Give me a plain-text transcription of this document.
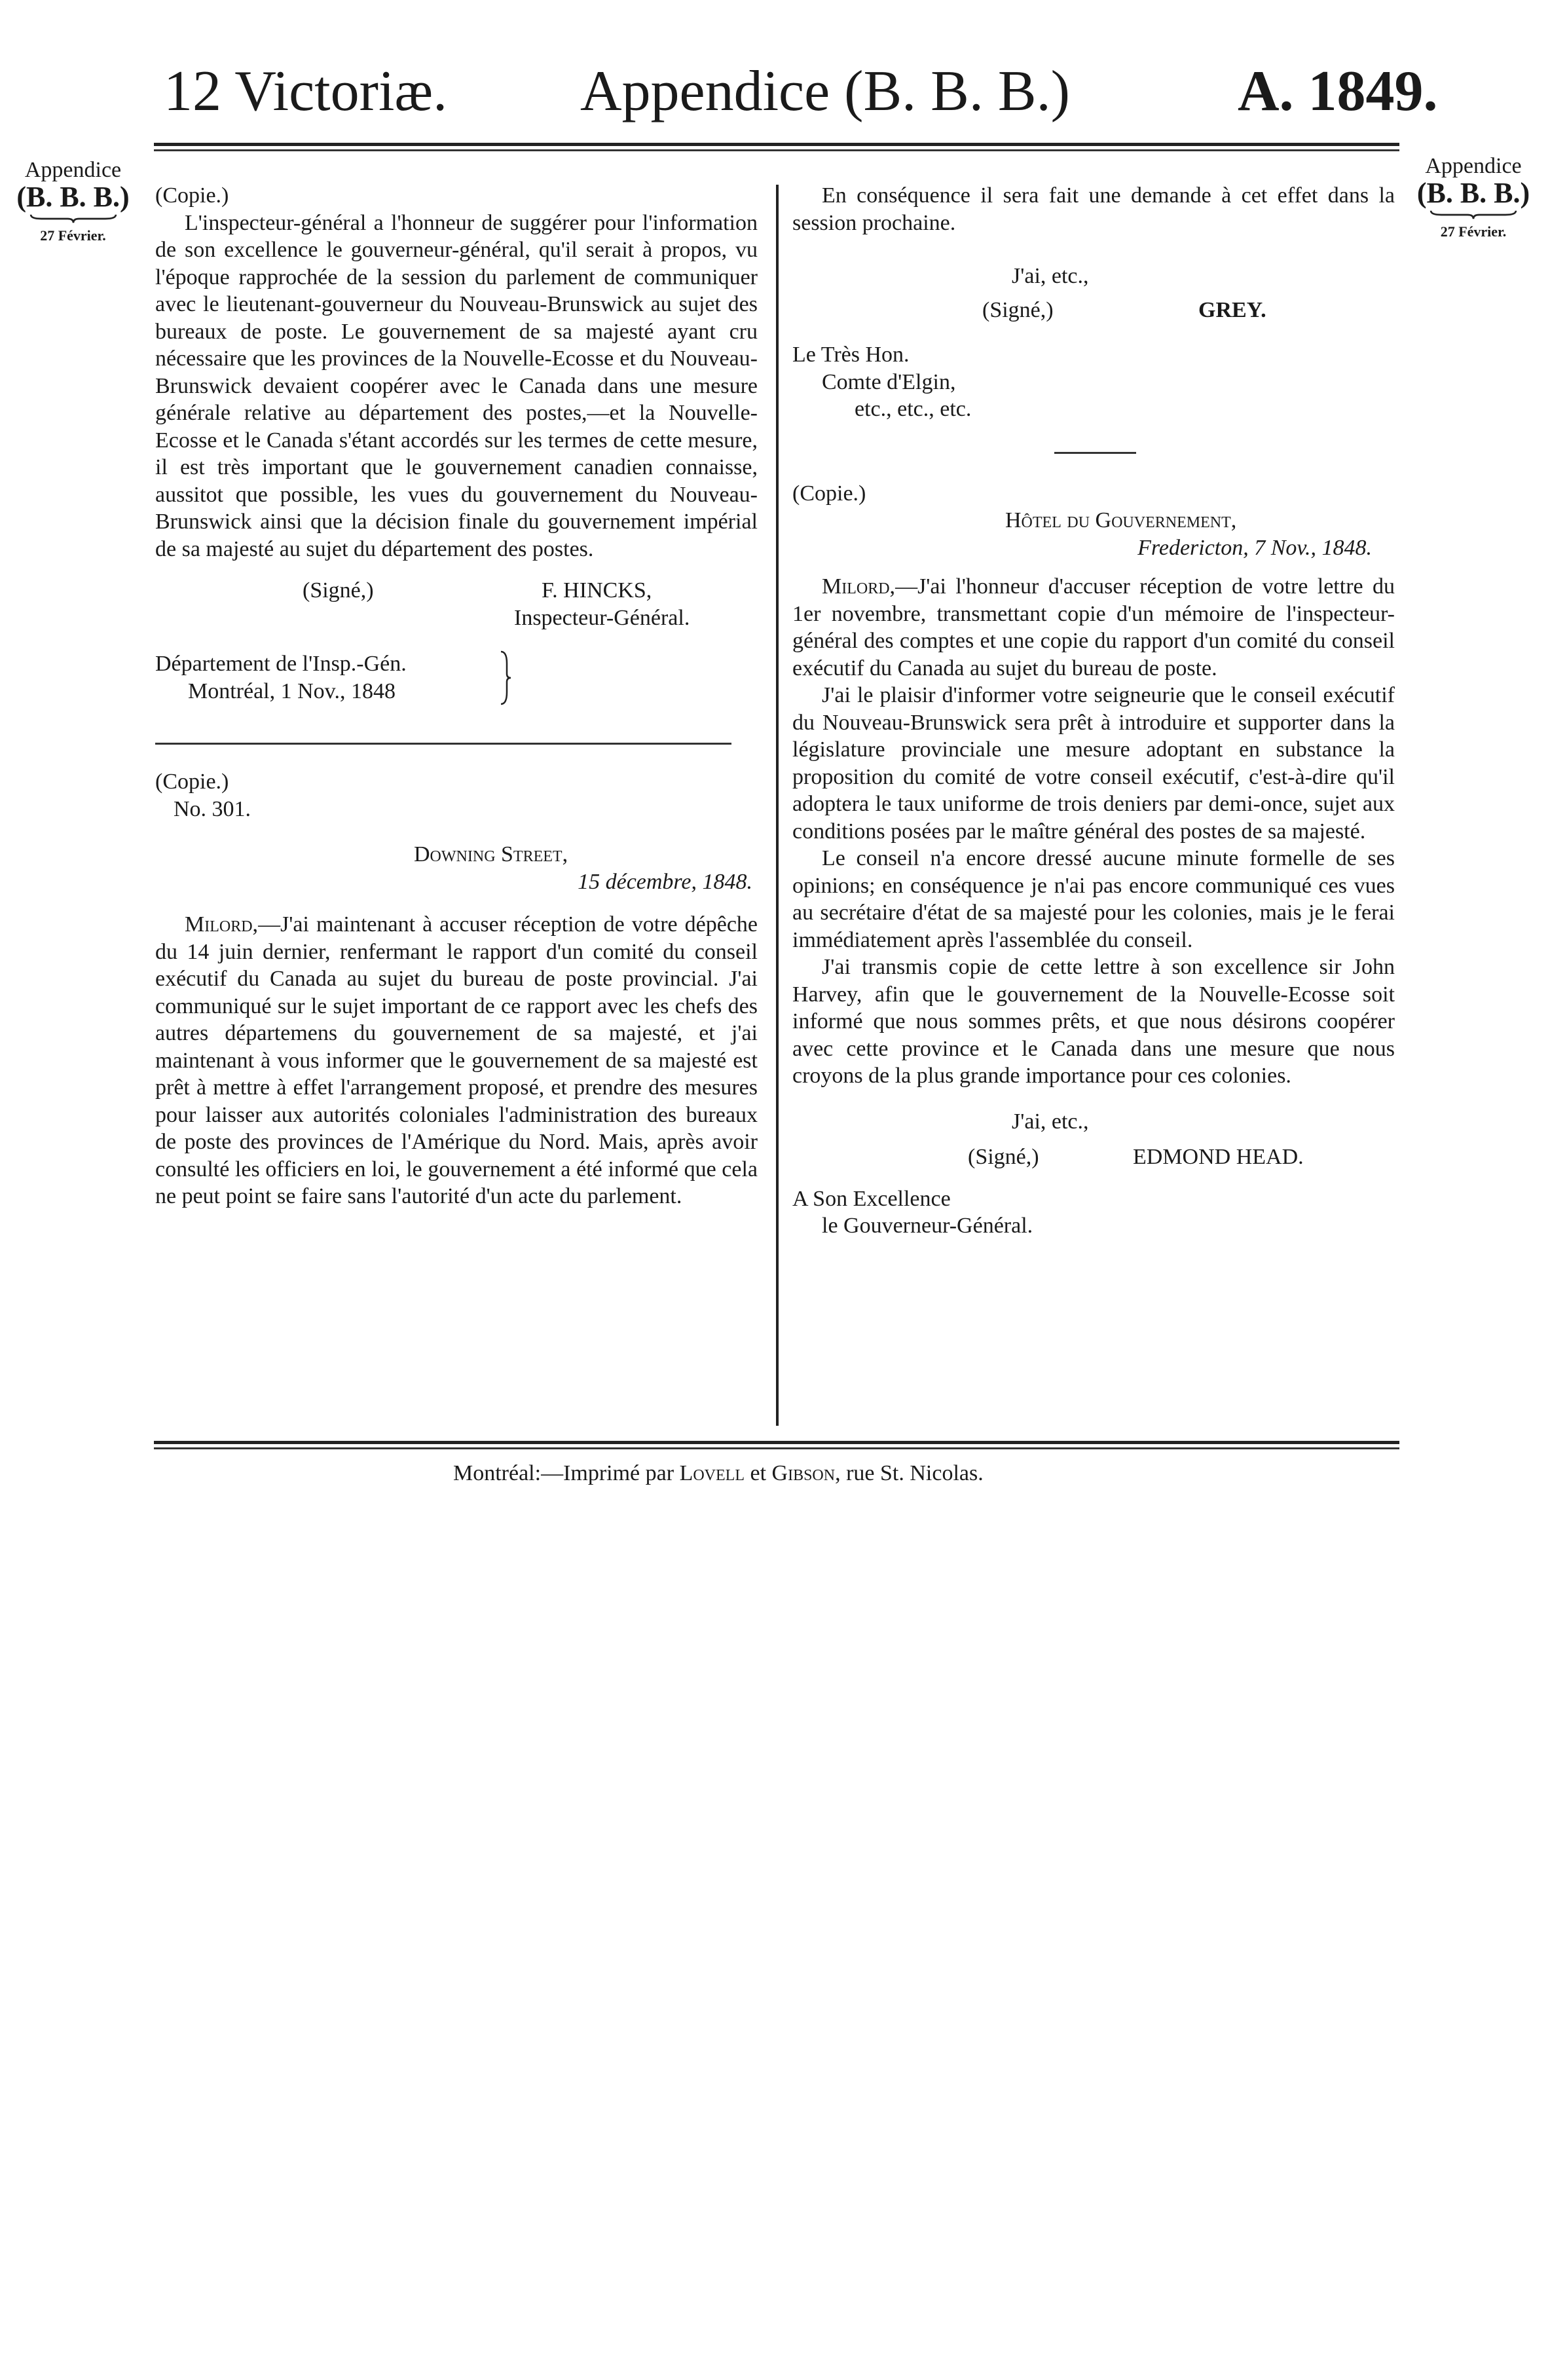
12 Victoriæ. Appendice (B. B. B.)	A. 1849.
Appendice
(B. B. B.)
27 Février.
Appendice
(B. B. B.)
27 Février.

(Copie.)

L'inspecteur-général a l'honneur de suggérer pour l'information de son excellence le gouverneur-général, qu'il serait à propos, vu l'époque rapprochée de la session du parlement de communiquer avec le lieutenant-gouverneur du Nouveau-Brunswick au sujet des bureaux de poste. Le gouvernement de sa majesté ayant cru nécessaire que les provinces de la Nouvelle-Ecosse et du Nouveau-Brunswick devaient coopérer avec le Canada dans une mesure générale relative au département des postes,—et la Nouvelle-Ecosse et le Canada s'étant accordés sur les termes de cette mesure, il est très important que le gouvernement canadien connaisse, aussitot que possible, les vues du gouvernement du Nouveau-Brunswick ainsi que la décision finale du gouvernement impérial de sa majesté au sujet du département des postes.

(Signé,)	F. HINCKS,
Inspecteur-Général.
Département de l'Insp.-Gén.
Montréal, 1 Nov., 1848

(Copie.)

No. 301.

Downing Street,

15 décembre, 1848.

Milord,—J'ai maintenant à accuser réception de votre dépêche du 14 juin dernier, renfermant le rapport d'un comité du conseil exécutif du Canada au sujet du bureau de poste provincial. J'ai communiqué sur le sujet important de ce rapport avec les chefs des autres départemens du gouvernement de sa majesté, et j'ai maintenant à vous informer que le gouvernement de sa majesté est prêt à mettre à effet l'arrangement proposé, et prendre des mesures pour laisser aux autorités coloniales l'administration des bureaux de poste des provinces de l'Amérique du Nord. Mais, après avoir consulté les officiers en loi, le gouvernement a été informé que cela ne peut point se faire sans l'autorité d'un acte du parlement.

En conséquence il sera fait une demande à cet effet dans la session prochaine.

J'ai, etc.,
(Signé,)	GREY.
Le Très Hon.
Comte d'Elgin,
etc., etc., etc.

(Copie.)

Hôtel du Gouvernement,

Fredericton, 7 Nov., 1848.

Milord,—J'ai l'honneur d'accuser réception de votre lettre du 1er novembre, transmettant copie d'un mémoire de l'inspecteur-général des comptes et une copie du rapport d'un comité du conseil exécutif du Canada au sujet du bureau de poste.

J'ai le plaisir d'informer votre seigneurie que le conseil exécutif du Nouveau-Brunswick sera prêt à introduire et supporter dans la législature provinciale une mesure adoptant en substance la proposition du comité de votre conseil exécutif, c'est-à-dire qu'il adoptera le taux uniforme de trois deniers par demi-once, sujet aux conditions posées par le maître général des postes de sa majesté.

Le conseil n'a encore dressé aucune minute formelle de ses opinions; en conséquence je n'ai pas encore communiqué ces vues au secrétaire d'état de sa majesté pour les colonies, mais je le ferai immédiatement après l'assemblée du conseil.

J'ai transmis copie de cette lettre à son excellence sir John Harvey, afin que le gouvernement de la Nouvelle-Ecosse soit informé que nous sommes prêts, et que nous désirons coopérer avec cette province et le Canada dans une mesure que nous croyons de la plus grande importance pour ces colonies.

J'ai, etc.,
(Signé,)	EDMOND HEAD.
A Son Excellence
le Gouverneur-Général.
Montréal:—Imprimé par Lovell et Gibson, rue St. Nicolas.
